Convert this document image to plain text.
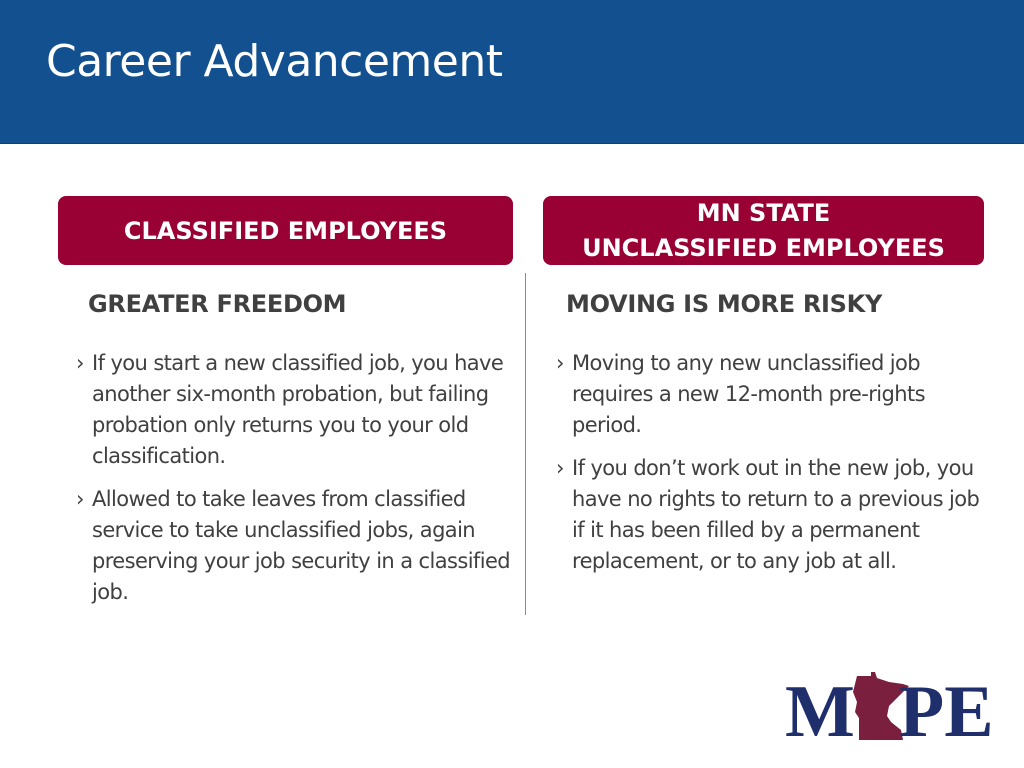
Career Advancement
CLASSIFIED EMPLOYEES
MN STATE
UNCLASSIFIED EMPLOYEES
GREATER FREEDOM	MOVING IS MORE RISKY
› If you start a new classified job, you have another six-month probation, but failing probation only returns you to your old classification.
› Allowed to take leaves from classified service to take unclassified jobs, again preserving your job security in a classified job.
› Moving to any new unclassified job requires a new 12-month pre-rights period.
› If you don’t work out in the new job, you have no rights to return to a previous job if it has been filled by a permanent replacement, or to any job at all.
M PE
